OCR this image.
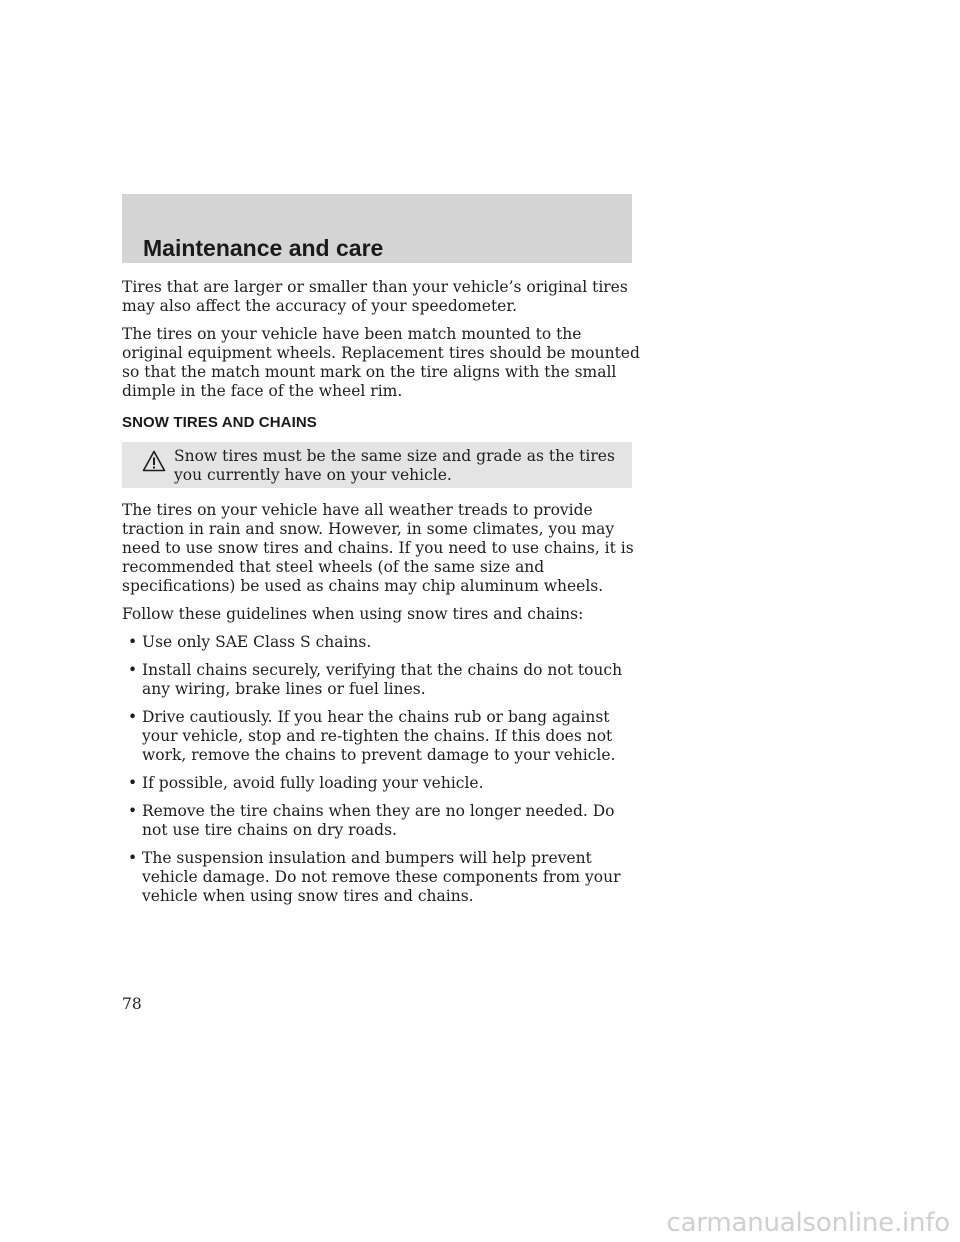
Maintenance and care

Tires that are larger or smaller than your vehicle’s original tires may also affect the accuracy of your speedometer.

The tires on your vehicle have been match mounted to the original equipment wheels. Replacement tires should be mounted so that the match mount mark on the tire aligns with the small dimple in the face of the wheel rim.

SNOW TIRES AND CHAINS
Snow tires must be the same size and grade as the tires you currently have on your vehicle.

The tires on your vehicle have all weather treads to provide traction in rain and snow. However, in some climates, you may need to use snow tires and chains. If you need to use chains, it is recommended that steel wheels (of the same size and specifications) be used as chains may chip aluminum wheels.

Follow these guidelines when using snow tires and chains:

• Use only SAE Class S chains.
• Install chains securely, verifying that the chains do not touch any wiring, brake lines or fuel lines.
• Drive cautiously. If you hear the chains rub or bang against your vehicle, stop and re-tighten the chains. If this does not work, remove the chains to prevent damage to your vehicle.
• If possible, avoid fully loading your vehicle.
• Remove the tire chains when they are no longer needed. Do not use tire chains on dry roads.
• The suspension insulation and bumpers will help prevent vehicle damage. Do not remove these components from your vehicle when using snow tires and chains.
78
carmanualsonline.info
